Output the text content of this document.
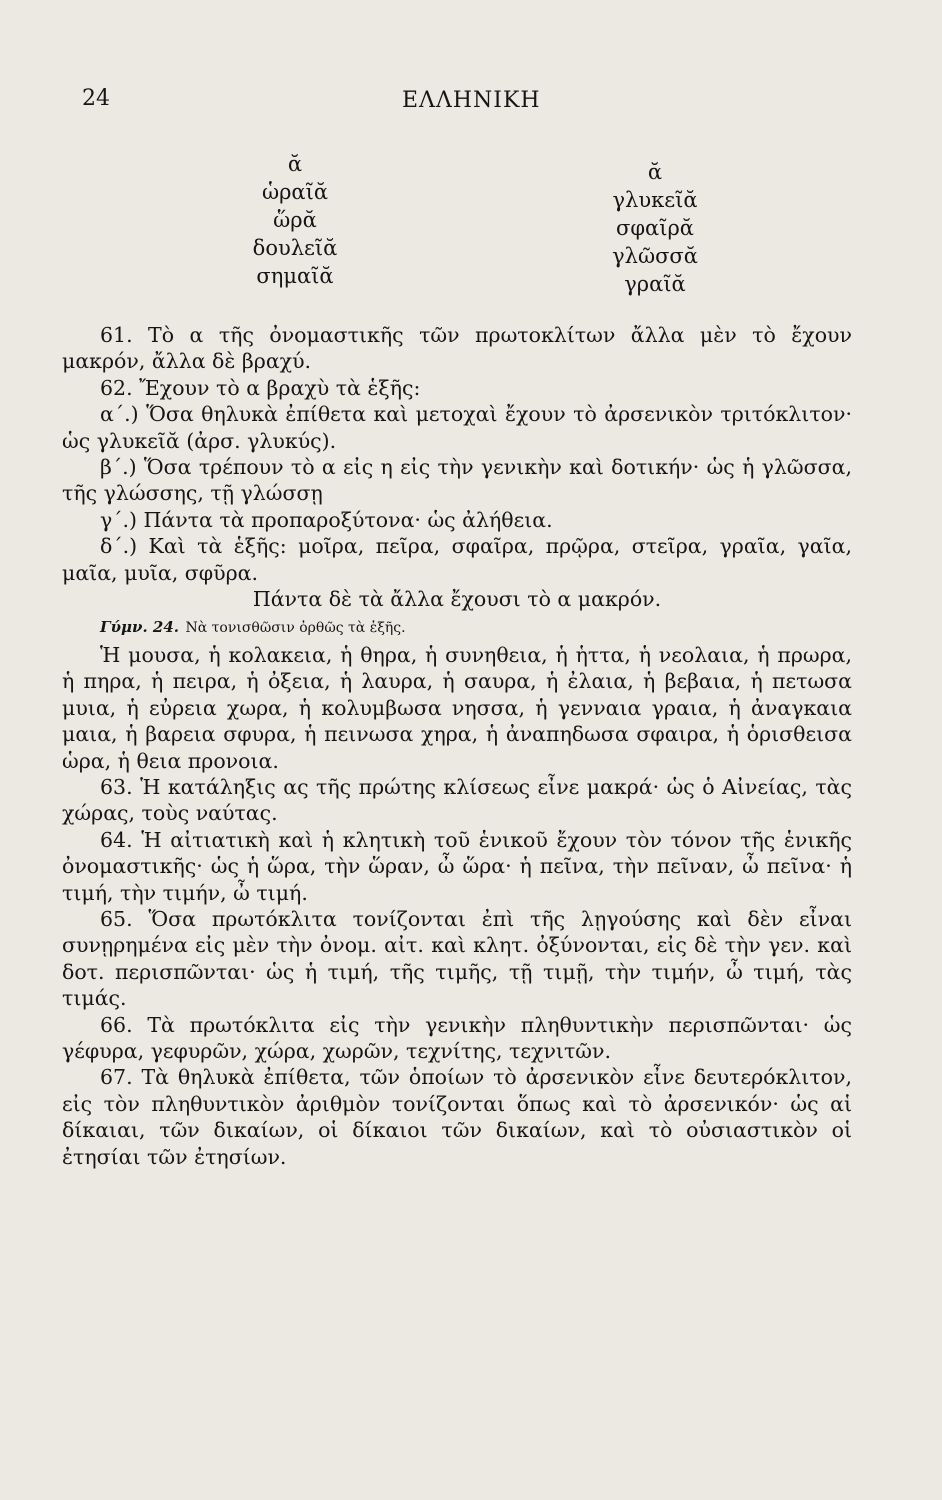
24	ΕΛΛΗΝΙΚΗ
ᾰ
ὡραῖᾰ
ὥρᾰ
δουλεῖᾰ
σημαῖᾰ
ᾰ
γλυκεῖᾰ
σφαῖρᾰ
γλῶσσᾰ
γραῖᾰ

61. Τὸ α τῆς ὀνομαστικῆς τῶν πρωτοκλίτων ἄλλα μὲν τὸ ἔχουν μακρόν, ἄλλα δὲ βραχύ.

62. Ἔχουν τὸ α βραχὺ τὰ ἑξῆς:

α΄.) Ὅσα θηλυκὰ ἐπίθετα καὶ μετοχαὶ ἔχουν τὸ ἀρσενικὸν τριτόκλιτον· ὡς γλυκεῖᾰ (ἀρσ. γλυκύς).

β΄.) Ὅσα τρέπουν τὸ α εἰς η εἰς τὴν γενικὴν καὶ δοτικήν· ὡς ἡ γλῶσσα, τῆς γλώσσης, τῇ γλώσσῃ

γ΄.) Πάντα τὰ προπαροξύτονα· ὡς ἀλήθεια.

δ΄.) Καὶ τὰ ἑξῆς: μοῖρα, πεῖρα, σφαῖρα, πρῷρα, στεῖρα, γραῖα, γαῖα, μαῖα, μυῖα, σφῦρα.

Πάντα δὲ τὰ ἄλλα ἔχουσι τὸ α μακρόν.

Γύμν. 24. Νὰ τονισθῶσιν ὀρθῶς τὰ ἑξῆς.

Ἡ μουσα, ἡ κολακεια, ἡ θηρα, ἡ συνηθεια, ἡ ἡττα, ἡ νεολαια, ἡ πρωρα, ἡ πηρα, ἡ πειρα, ἡ ὀξεια, ἡ λαυρα, ἡ σαυρα, ἡ ἐλαια, ἡ βεβαια, ἡ πετωσα μυια, ἡ εὐρεια χωρα, ἡ κολυμβωσα νησσα, ἡ γενναια γραια, ἡ ἀναγκαια μαια, ἡ βαρεια σφυρα, ἡ πεινωσα χηρα, ἡ ἀναπηδωσα σφαιρα, ἡ ὁρισθεισα ὡρα, ἡ θεια προνοια.

63. Ἡ κατάληξις ας τῆς πρώτης κλίσεως εἶνε μακρά· ὡς ὁ Αἰνείας, τὰς χώρας, τοὺς ναύτας.

64. Ἡ αἰτιατικὴ καὶ ἡ κλητικὴ τοῦ ἑνικοῦ ἔχουν τὸν τόνον τῆς ἑνικῆς ὀνομαστικῆς· ὡς ἡ ὥρα, τὴν ὥραν, ὦ ὥρα· ἡ πεῖνα, τὴν πεῖναν, ὦ πεῖνα· ἡ τιμή, τὴν τιμήν, ὦ τιμή.

65. Ὅσα πρωτόκλιτα τονίζονται ἐπὶ τῆς λῃγούσης καὶ δὲν εἶναι συνῃρημένα εἰς μὲν τὴν ὀνομ. αἰτ. καὶ κλητ. ὀξύνονται, εἰς δὲ τὴν γεν. καὶ δοτ. περισπῶνται· ὡς ἡ τιμή, τῆς τιμῆς, τῇ τιμῇ, τὴν τιμήν, ὦ τιμή, τὰς τιμάς.

66. Τὰ πρωτόκλιτα εἰς τὴν γενικὴν πληθυντικὴν περισπῶνται· ὡς γέφυρα, γεφυρῶν, χώρα, χωρῶν, τεχνίτης, τεχνιτῶν.

67. Τὰ θηλυκὰ ἐπίθετα, τῶν ὁποίων τὸ ἀρσενικὸν εἶνε δευτερόκλιτον, εἰς τὸν πληθυντικὸν ἀριθμὸν τονίζονται ὅπως καὶ τὸ ἀρσενικόν· ὡς αἱ δίκαιαι, τῶν δικαίων, οἱ δίκαιοι τῶν δικαίων, καὶ τὸ οὐσιαστικὸν οἱ ἐτησίαι τῶν ἐτησίων.
